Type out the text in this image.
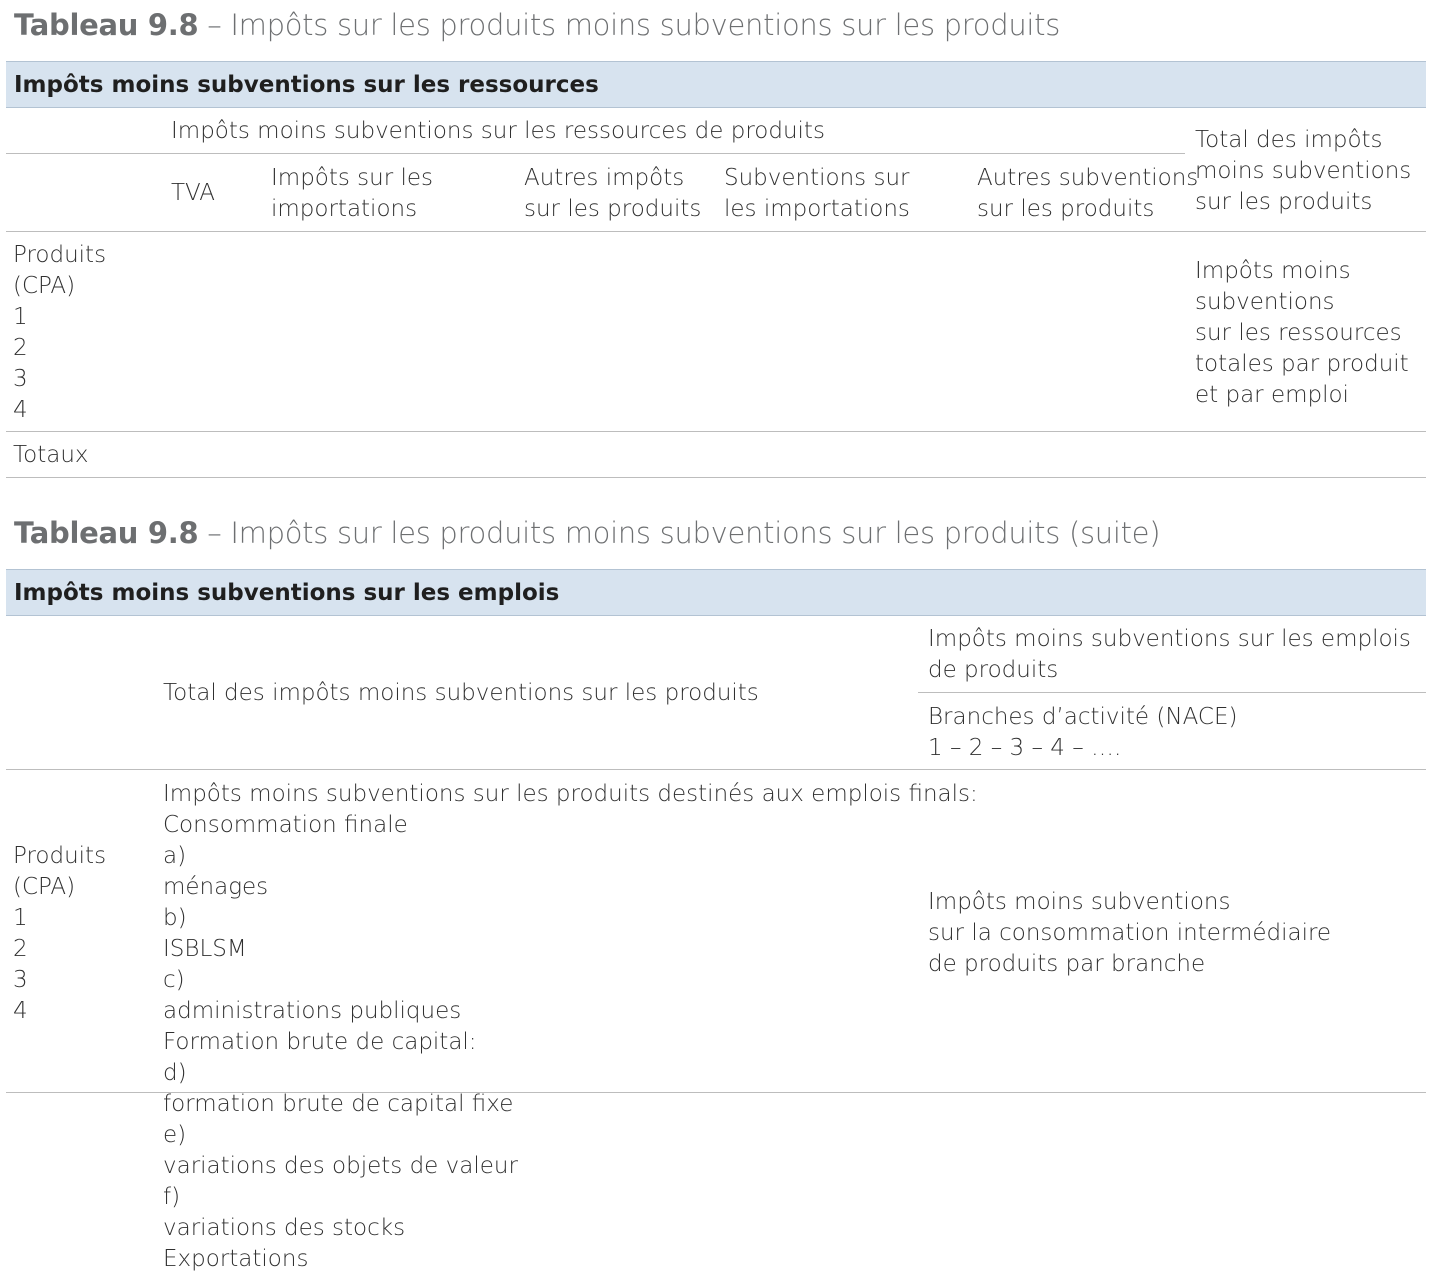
Tableau 9.8 – Impôts sur les produits moins subventions sur les produits
Impôts moins subventions sur les ressources
Impôts moins subventions sur les ressources de produits
TVA
Impôts sur les
importations
Autres impôts
sur les produits
Subventions sur
les importations
Autres subventions
sur les produits
Total des impôts
moins subventions
sur les produits
Produits
(CPA)
1
2
3
4
Impôts moins
subventions
sur les ressources
totales par produit
et par emploi
Totaux
Tableau 9.8 – Impôts sur les produits moins subventions sur les produits (suite)
Impôts moins subventions sur les emplois
Total des impôts moins subventions sur les produits
Impôts moins subventions sur les emplois
de produits
Branches d’activité (NACE)
1 – 2 – 3 – 4 – ….
Produits
(CPA)
1
2
3
4
Impôts moins subventions sur les produits destinés aux emplois finals:
Consommation finale
a)
ménages
b)
ISBLSM
c)
administrations publiques
Formation brute de capital:
d)
formation brute de capital fixe
e)
variations des objets de valeur
f)
variations des stocks
Exportations
Impôts moins subventions
sur la consommation intermédiaire
de produits par branche
